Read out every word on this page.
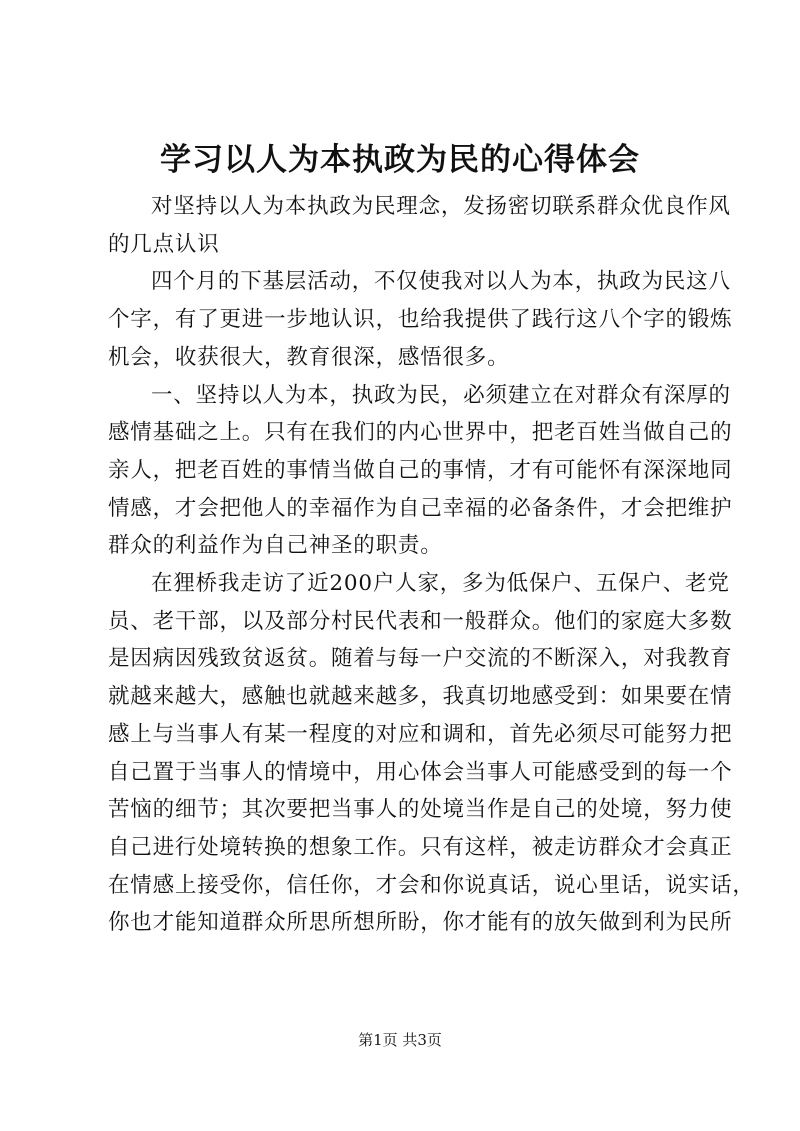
学习以人为本执政为民的心得体会

对坚持以人为本执政为民理念，发扬密切联系群众优良作风
的几点认识

四个月的下基层活动，不仅使我对以人为本，执政为民这八
个字，有了更进一步地认识，也给我提供了践行这八个字的锻炼
机会，收获很大，教育很深，感悟很多。

一、坚持以人为本，执政为民，必须建立在对群众有深厚的
感情基础之上。只有在我们的内心世界中，把老百姓当做自己的
亲人，把老百姓的事情当做自己的事情，才有可能怀有深深地同
情感，才会把他人的幸福作为自己幸福的必备条件，才会把维护
群众的利益作为自己神圣的职责。

在狸桥我走访了近200户人家，多为低保户、五保户、老党
员、老干部，以及部分村民代表和一般群众。他们的家庭大多数
是因病因残致贫返贫。随着与每一户交流的不断深入，对我教育
就越来越大，感触也就越来越多，我真切地感受到：如果要在情
感上与当事人有某一程度的对应和调和，首先必须尽可能努力把
自己置于当事人的情境中，用心体会当事人可能感受到的每一个
苦恼的细节；其次要把当事人的处境当作是自己的处境，努力使
自己进行处境转换的想象工作。只有这样，被走访群众才会真正
在情感上接受你，信任你，才会和你说真话，说心里话，说实话，
你也才能知道群众所思所想所盼，你才能有的放矢做到利为民所

第1页 共3页
